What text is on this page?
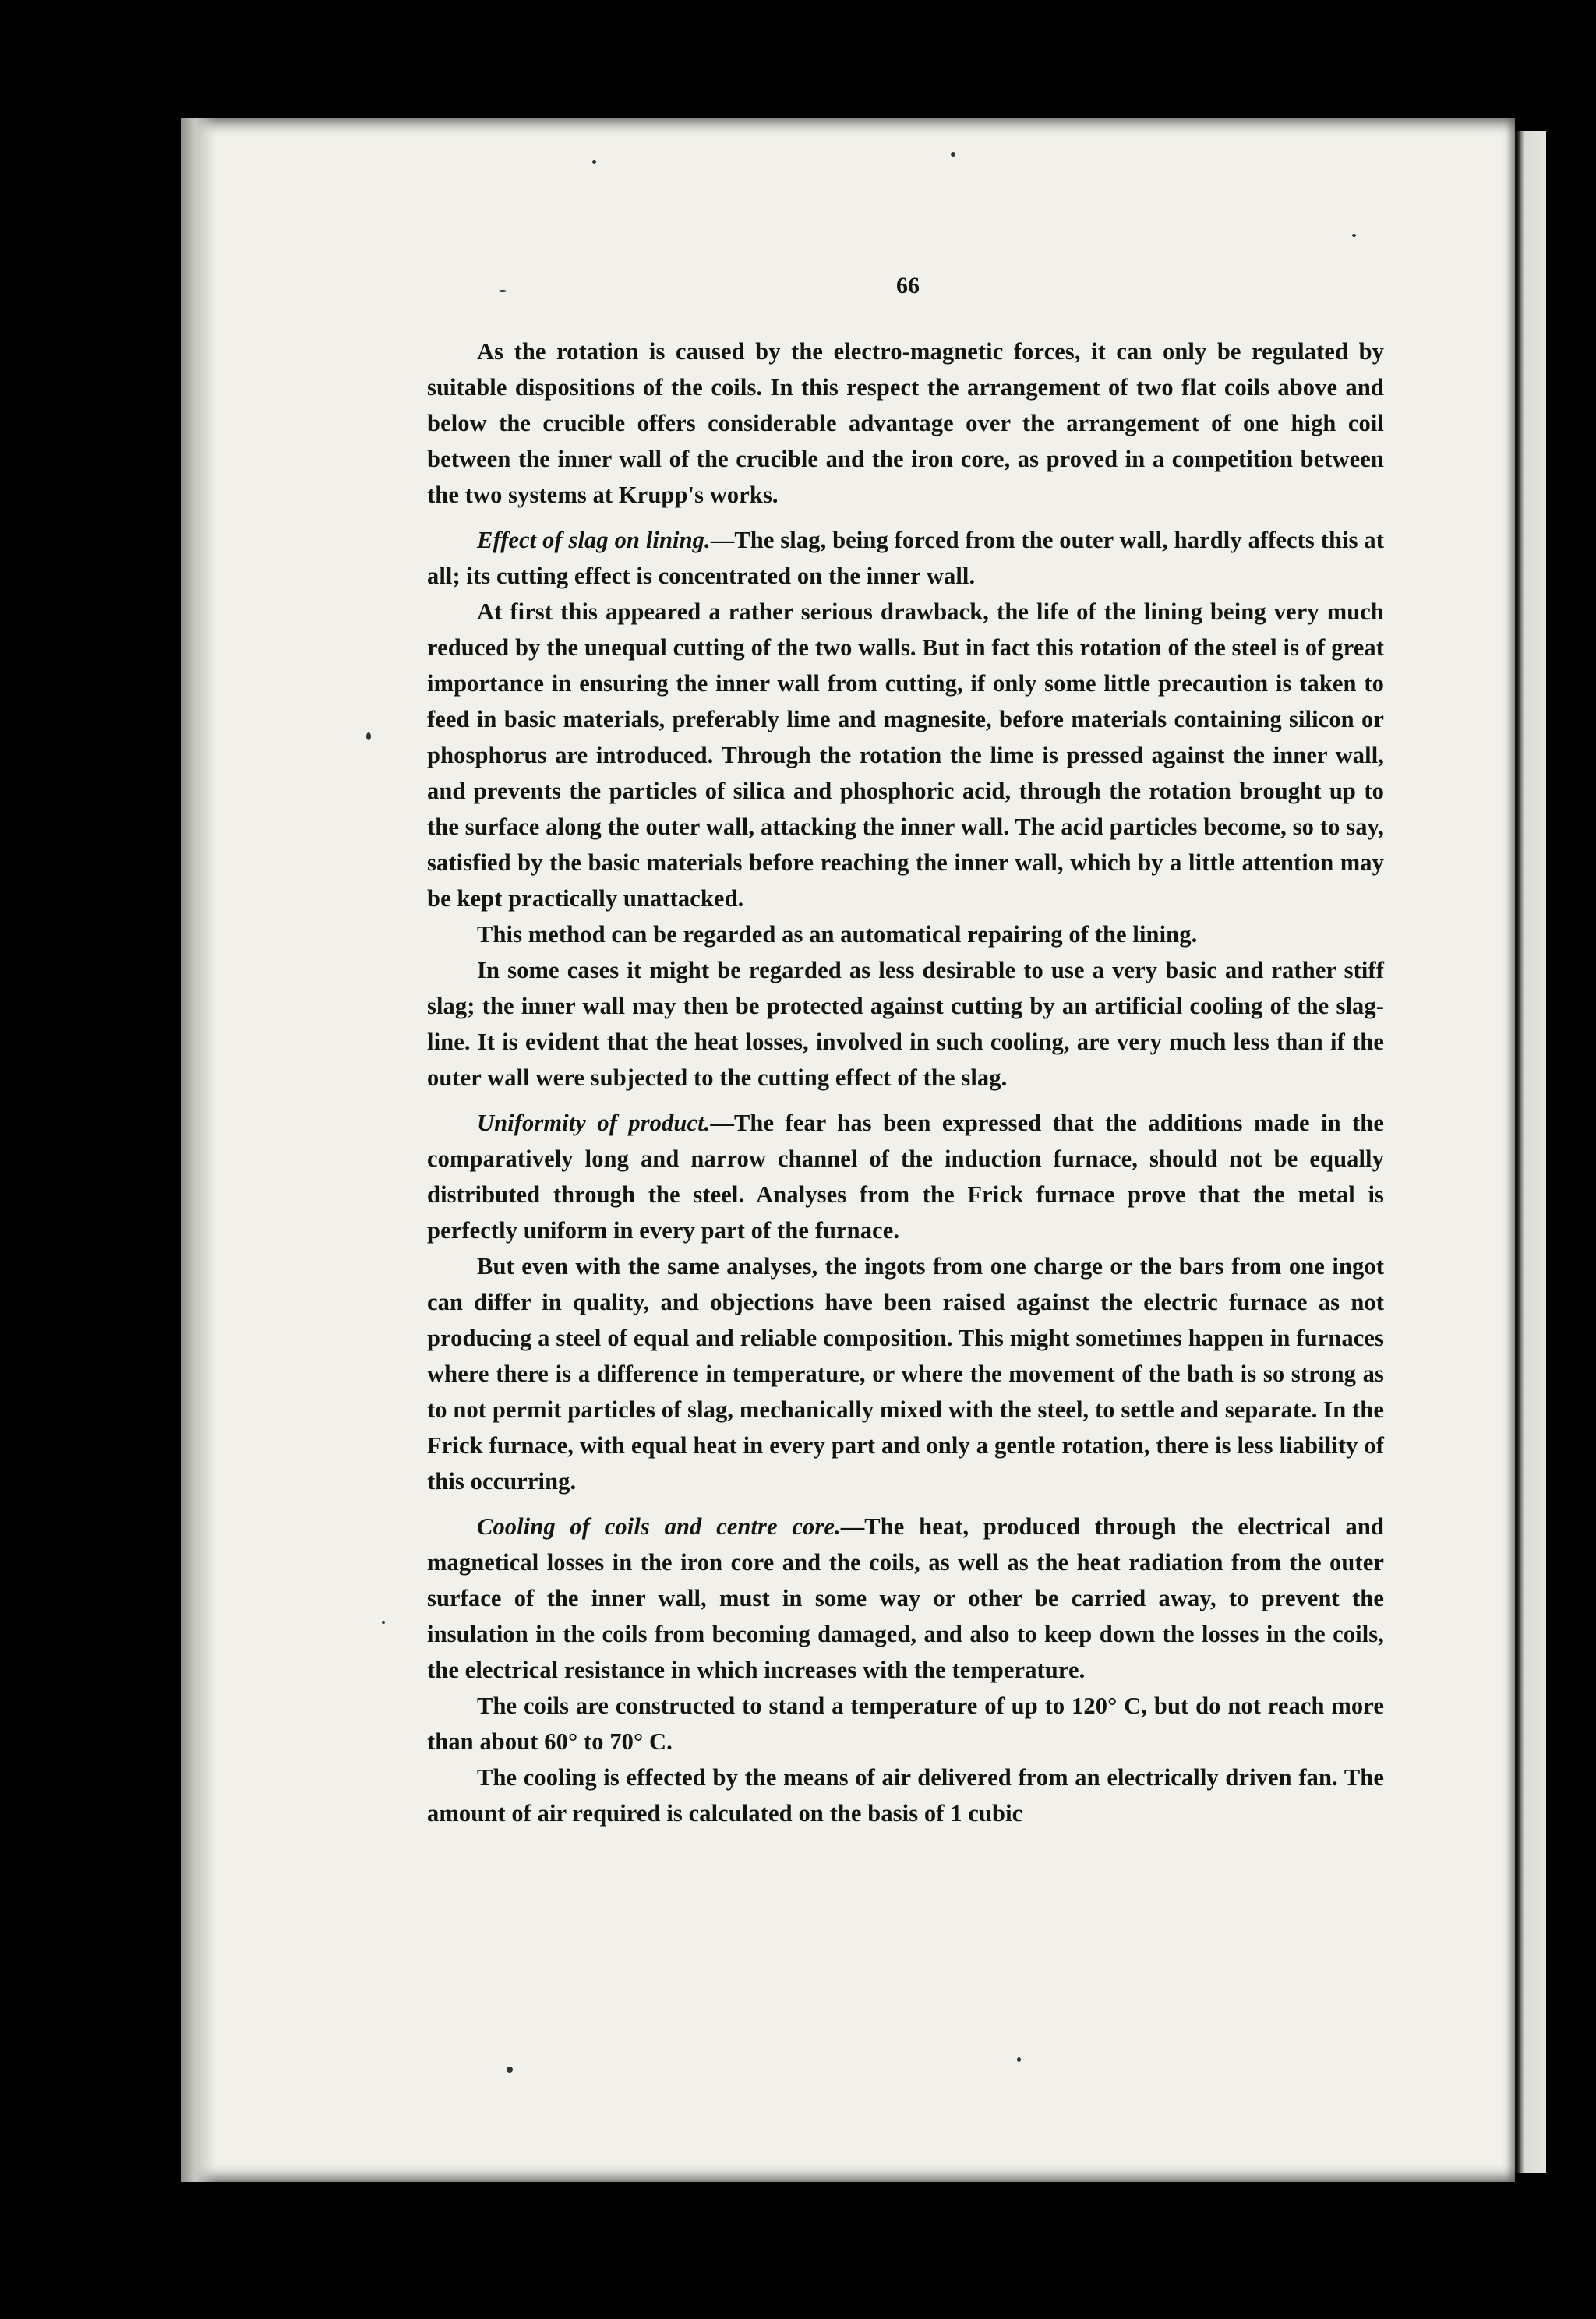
66

As the rotation is caused by the electro-magnetic forces, it can only be regulated by suitable dispositions of the coils. In this respect the arrangement of two flat coils above and below the crucible offers considerable advantage over the arrangement of one high coil between the inner wall of the crucible and the iron core, as proved in a competition between the two systems at Krupp's works.

Effect of slag on lining.—The slag, being forced from the outer wall, hardly affects this at all; its cutting effect is concentrated on the inner wall.

At first this appeared a rather serious drawback, the life of the lining being very much reduced by the unequal cutting of the two walls. But in fact this rotation of the steel is of great importance in ensuring the inner wall from cutting, if only some little precaution is taken to feed in basic materials, preferably lime and magnesite, before materials containing silicon or phosphorus are introduced. Through the rotation the lime is pressed against the inner wall, and prevents the particles of silica and phosphoric acid, through the rotation brought up to the surface along the outer wall, attacking the inner wall. The acid particles become, so to say, satisfied by the basic materials before reaching the inner wall, which by a little attention may be kept practically unattacked.

This method can be regarded as an automatical repairing of the lining.

In some cases it might be regarded as less desirable to use a very basic and rather stiff slag; the inner wall may then be protected against cutting by an artificial cooling of the slag-line. It is evident that the heat losses, involved in such cooling, are very much less than if the outer wall were subjected to the cutting effect of the slag.

Uniformity of product.—The fear has been expressed that the additions made in the comparatively long and narrow channel of the induction furnace, should not be equally distributed through the steel. Analyses from the Frick furnace prove that the metal is perfectly uniform in every part of the furnace.

But even with the same analyses, the ingots from one charge or the bars from one ingot can differ in quality, and objections have been raised against the electric furnace as not producing a steel of equal and reliable composition. This might sometimes happen in furnaces where there is a difference in temperature, or where the movement of the bath is so strong as to not permit particles of slag, mechanically mixed with the steel, to settle and separate. In the Frick furnace, with equal heat in every part and only a gentle rotation, there is less liability of this occurring.

Cooling of coils and centre core.—The heat, produced through the electrical and magnetical losses in the iron core and the coils, as well as the heat radiation from the outer surface of the inner wall, must in some way or other be carried away, to prevent the insulation in the coils from becoming damaged, and also to keep down the losses in the coils, the electrical resistance in which increases with the temperature.

The coils are constructed to stand a temperature of up to 120° C, but do not reach more than about 60° to 70° C.

The cooling is effected by the means of air delivered from an electrically driven fan. The amount of air required is calculated on the basis of 1 cubic
